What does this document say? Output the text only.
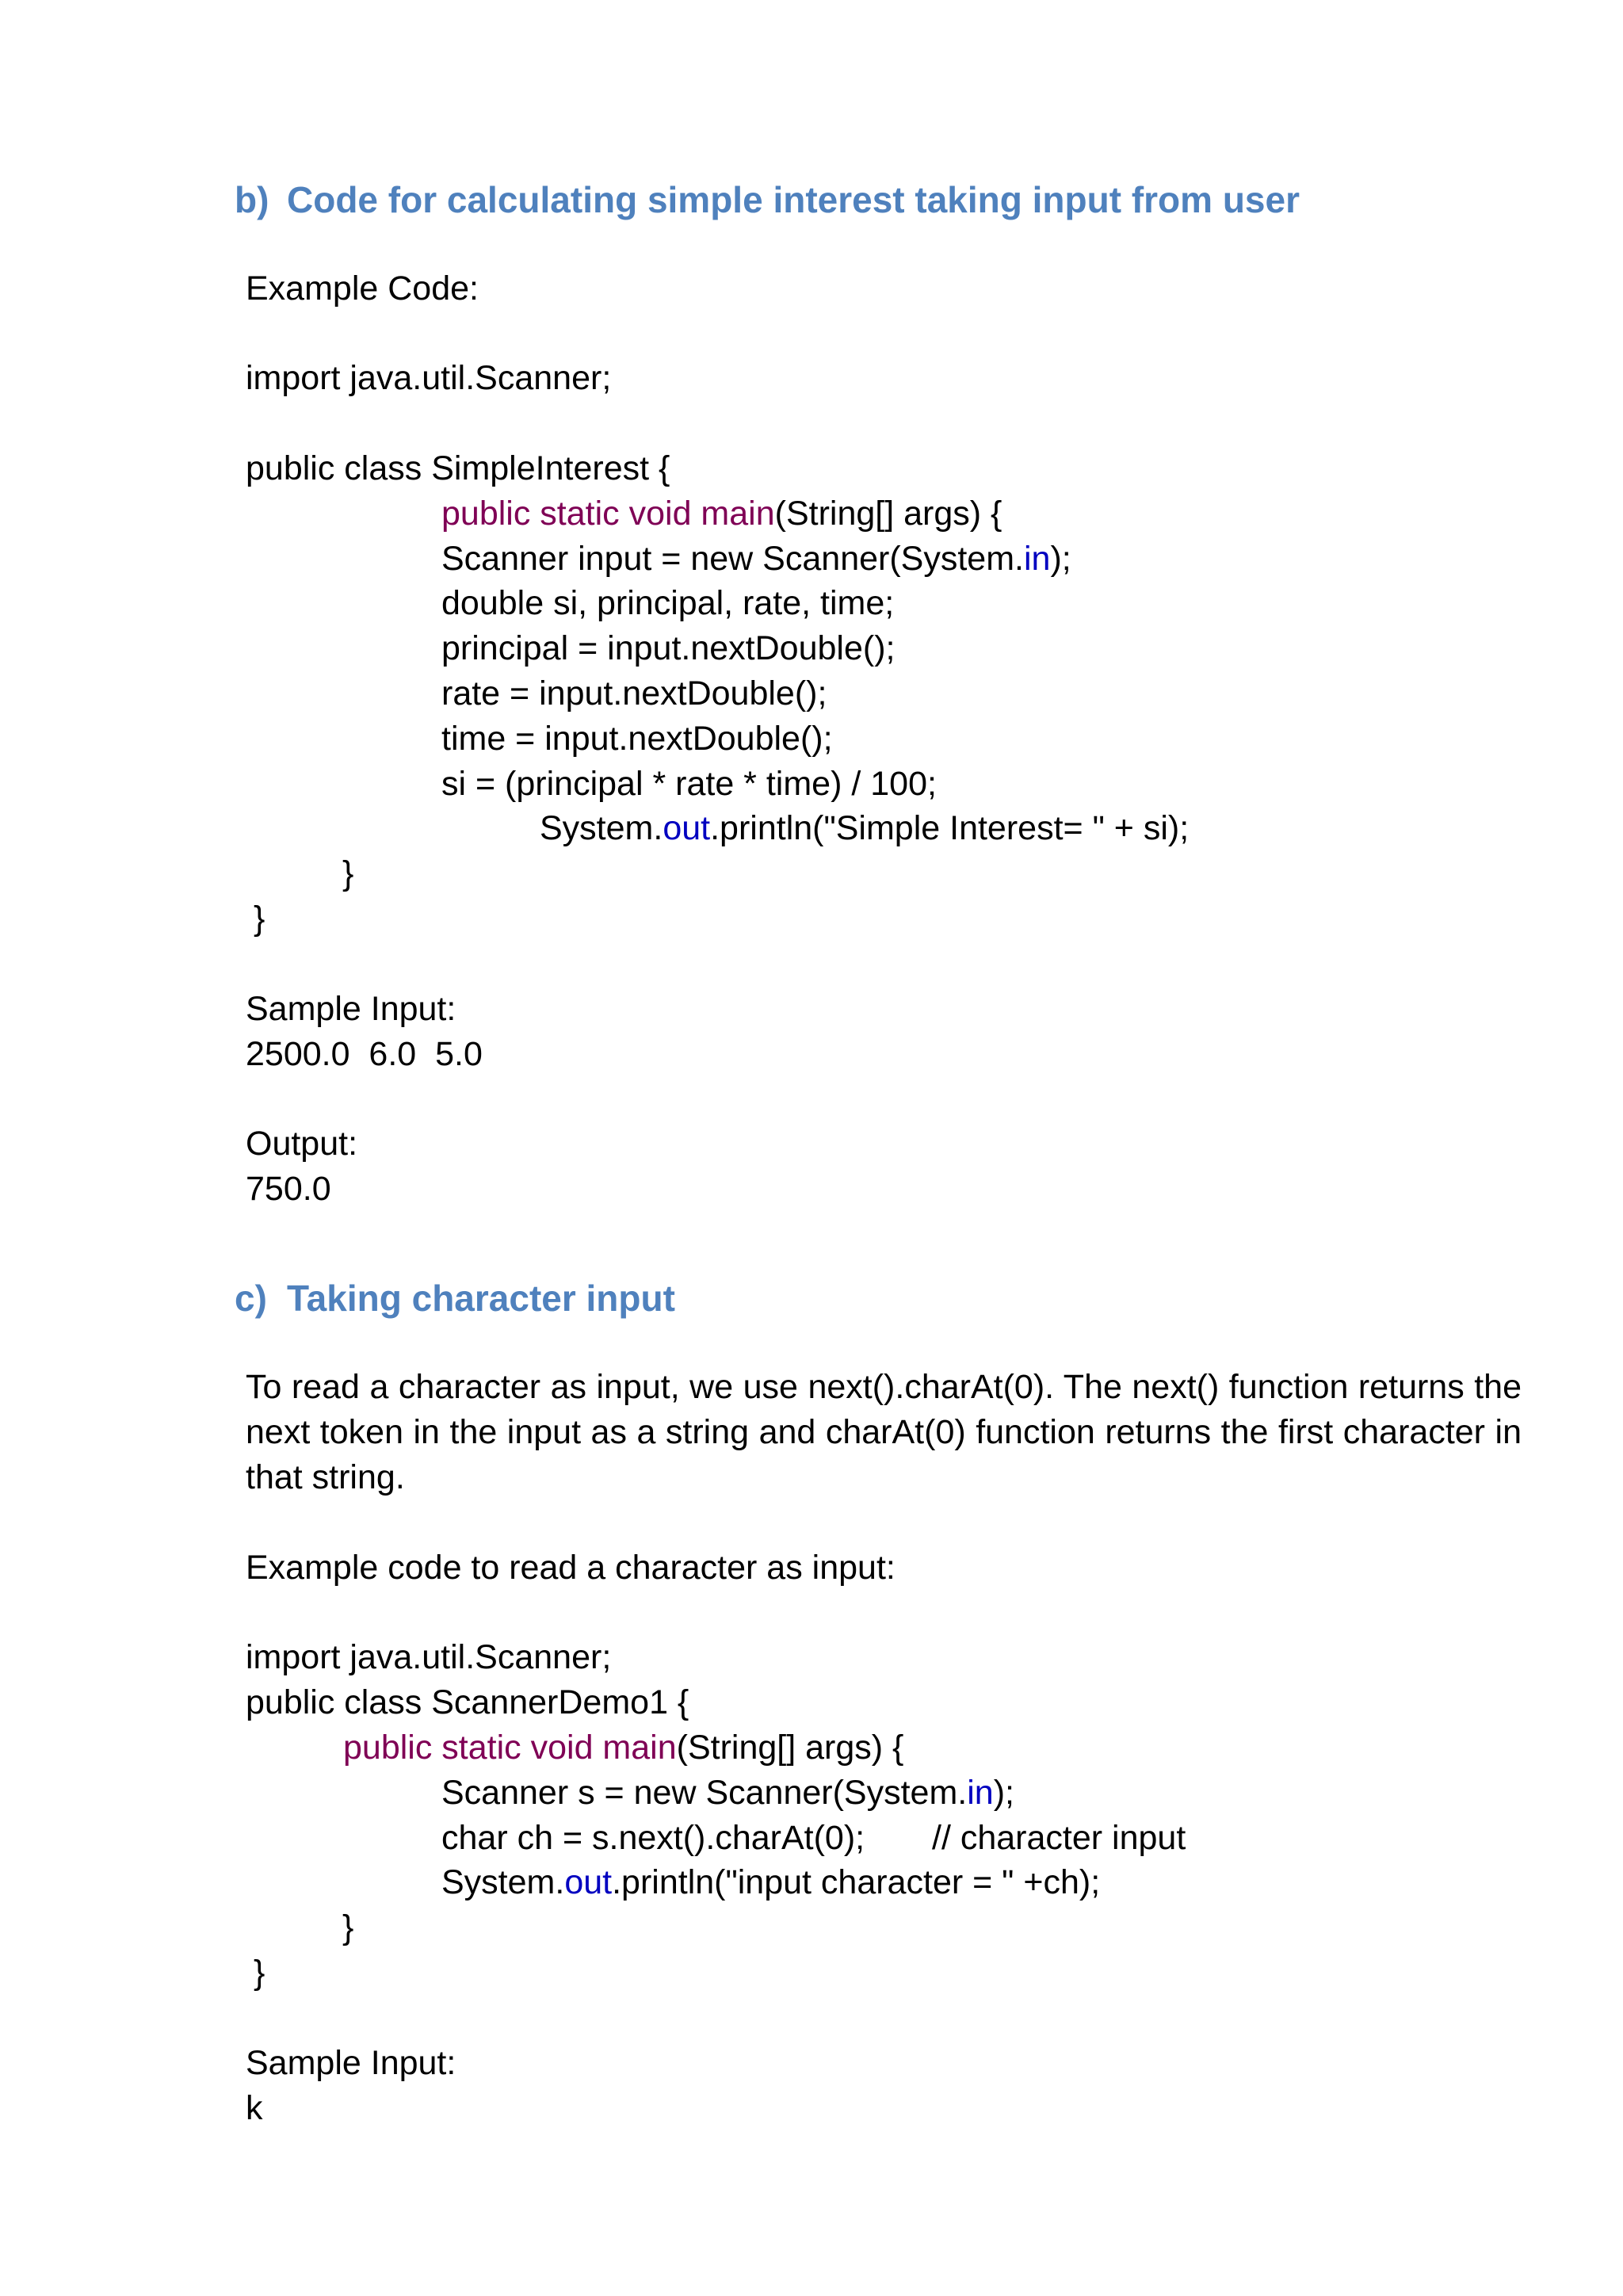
b) Code for calculating simple interest taking input from user

Example Code:

import java.util.Scanner;

public class SimpleInterest {

public static void main(String[] args) {

Scanner input = new Scanner(System.in);

double si, principal, rate, time;

principal = input.nextDouble();

rate = input.nextDouble();

time = input.nextDouble();

si = (principal * rate * time) / 100;

System.out.println("Simple Interest= " + si);

}

}

Sample Input:

2500.0  6.0  5.0

Output:

750.0

c) Taking character input

To read a character as input, we use next().charAt(0). The next() function returns the next token in the input as a string and charAt(0) function returns the first character in that string.

Example code to read a character as input:

import java.util.Scanner;

public class ScannerDemo1 {

public static void main(String[] args) {

Scanner s = new Scanner(System.in);

char ch = s.next().charAt(0); // character input

System.out.println("input character = " +ch);

}

}

Sample Input:

k
